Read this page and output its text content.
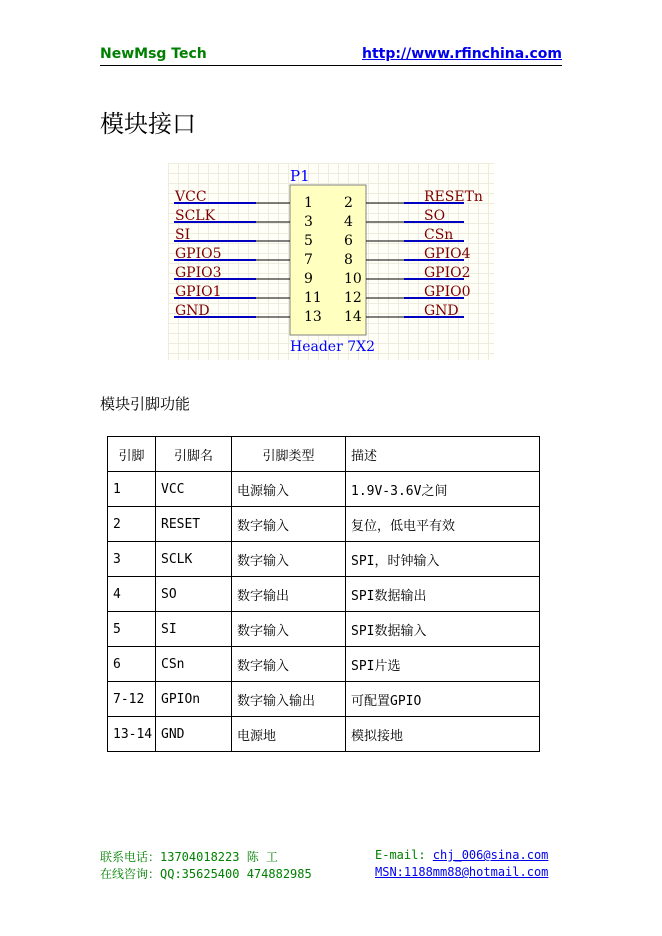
NewMsg Tech	http://www.rfinchina.com
模块接口
P1
Header 7X2
VCC	RESETn
1 2
SCLK	SO
3 4
SI	CSn
5 6
GPIO5	GPIO4
7 8
GPIO3	GPIO2
9 10
GPIO1	GPIO0
11 12
GND	GND
13 14
模块引脚功能
引脚	引脚名	引脚类型	描述
1	VCC	电源输入	1.9V-3.6V之间
2	RESET	数字输入	复位，低电平有效
3	SCLK	数字输入	SPI，时钟输入
4	SO	数字输出	SPI数据输出
5	SI	数字输入	SPI数据输入
6	CSn	数字输入	SPI片选
7-12	GPIOn	数字输入输出	可配置GPIO
13-14	GND	电源地	模拟接地
联系电话：13704018223 陈 工	E-mail: chj_006@sina.com
在线咨询：QQ:35625400 474882985	MSN:1188mm88@hotmail.com
